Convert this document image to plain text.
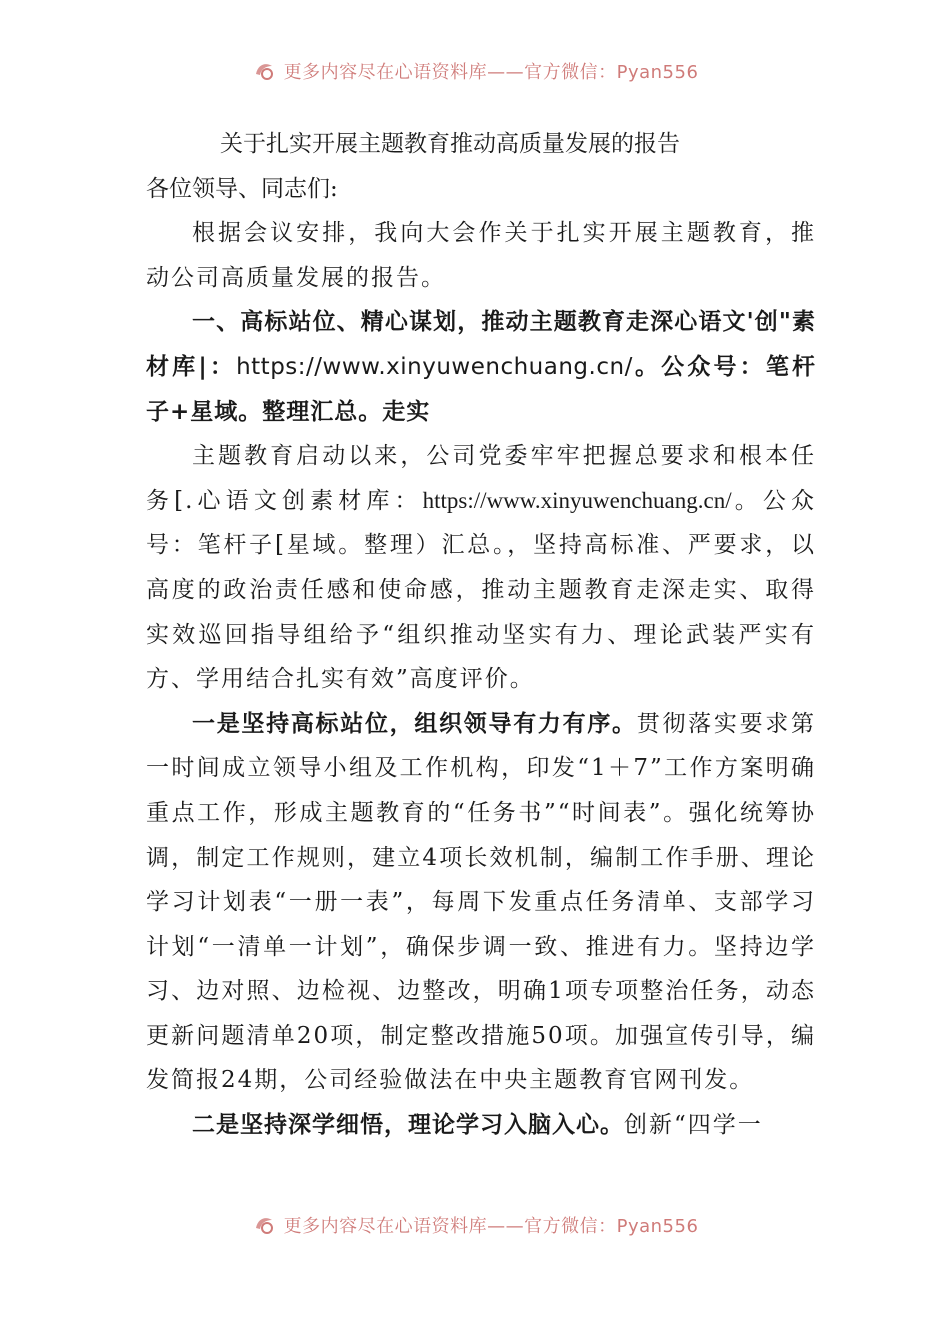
更多内容尽在心语资料库——官方微信：Pyan556
关于扎实开展主题教育推动高质量发展的报告
各位领导、同志们:

根据会议安排，我向大会作关于扎实开展主题教育，推动公司高质量发展的报告。

一、高标站位、精心谋划，推动主题教育走深心语文'创"素材库|：https://www.xinyuwenchuang.cn/。公众号：笔杆子+星域。整理汇总。走实

主题教育启动以来，公司党委牢牢把握总要求和根本任务[.心语文创素材库：https://www.xinyuwenchuang.cn/。公众号：笔杆子[星域。整理）汇总。，坚持高标准、严要求，以高度的政治责任感和使命感，推动主题教育走深走实、取得实效巡回指导组给予“组织推动坚实有力、理论武装严实有方、学用结合扎实有效”高度评价。

一是坚持高标站位，组织领导有力有序。贯彻落实要求第一时间成立领导小组及工作机构，印发“1＋7”工作方案明确重点工作，形成主题教育的“任务书”“时间表”。强化统筹协调，制定工作规则，建立4项长效机制，编制工作手册、理论学习计划表“一册一表”，每周下发重点任务清单、支部学习计划“一清单一计划”，确保步调一致、推进有力。坚持边学习、边对照、边检视、边整改，明确1项专项整治任务，动态更新问题清单20项，制定整改措施50项。加强宣传引导，编发简报24期，公司经验做法在中央主题教育官网刊发。

二是坚持深学细悟，理论学习入脑入心。创新“四学一

更多内容尽在心语资料库——官方微信：Pyan556
